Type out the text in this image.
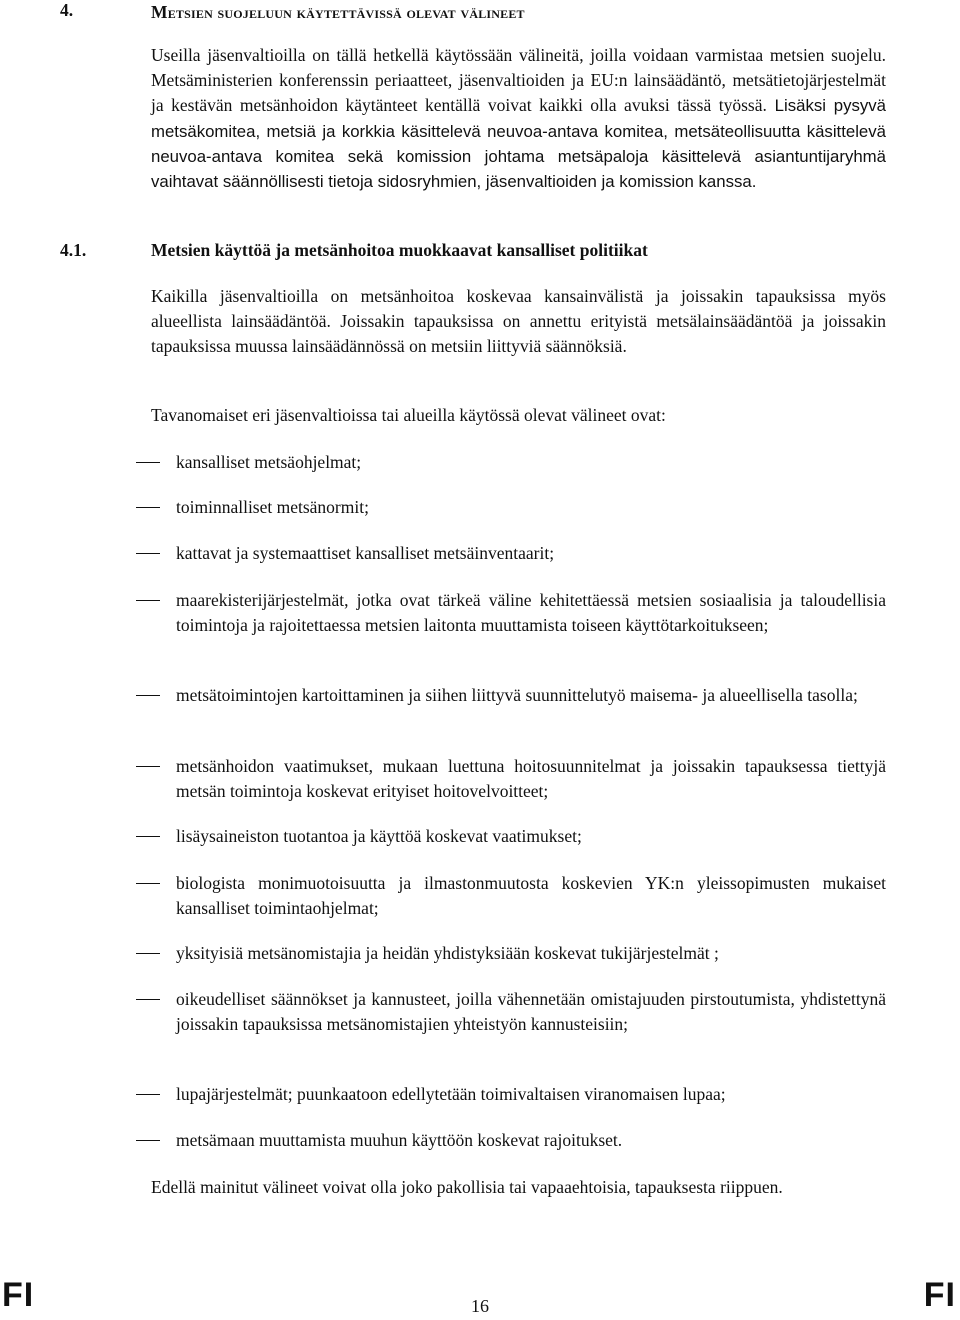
4.	Metsien suojeluun käytettävissä olevat välineet

Useilla jäsenvaltioilla on tällä hetkellä käytössään välineitä, joilla voidaan varmistaa metsien suojelu. Metsäministerien konferenssin periaatteet, jäsenvaltioiden ja EU:n lainsäädäntö, metsätietojärjestelmät ja kestävän metsänhoidon käytänteet kentällä voivat kaikki olla avuksi tässä työssä. Lisäksi pysyvä metsäkomitea, metsiä ja korkkia käsittelevä neuvoa-antava komitea, metsäteollisuutta käsittelevä neuvoa-antava komitea sekä komission johtama metsäpaloja käsittelevä asiantuntijaryhmä vaihtavat säännöllisesti tietoja sidosryhmien, jäsenvaltioiden ja komission kanssa.

4.1.	Metsien käyttöä ja metsänhoitoa muokkaavat kansalliset politiikat

Kaikilla jäsenvaltioilla on metsänhoitoa koskevaa kansainvälistä ja joissakin tapauksissa myös alueellista lainsäädäntöä. Joissakin tapauksissa on annettu erityistä metsälainsäädäntöä ja joissakin tapauksissa muussa lainsäädännössä on metsiin liittyviä säännöksiä.

Tavanomaiset eri jäsenvaltioissa tai alueilla käytössä olevat välineet ovat:

kansalliset metsäohjelmat;
toiminnalliset metsänormit;
kattavat ja systemaattiset kansalliset metsäinventaarit;
maarekisterijärjestelmät, jotka ovat tärkeä väline kehitettäessä metsien sosiaalisia ja taloudellisia toimintoja ja rajoitettaessa metsien laitonta muuttamista toiseen käyttötarkoitukseen;
metsätoimintojen kartoittaminen ja siihen liittyvä suunnittelutyö maisema- ja alueellisella tasolla;
metsänhoidon vaatimukset, mukaan luettuna hoitosuunnitelmat ja joissakin tapauksessa tiettyjä metsän toimintoja koskevat erityiset hoitovelvoitteet;
lisäysaineiston tuotantoa ja käyttöä koskevat vaatimukset;
biologista monimuotoisuutta ja ilmastonmuutosta koskevien YK:n yleissopimusten mukaiset kansalliset toimintaohjelmat;
yksityisiä metsänomistajia ja heidän yhdistyksiään koskevat tukijärjestelmät ;
oikeudelliset säännökset ja kannusteet, joilla vähennetään omistajuuden pirstoutumista, yhdistettynä joissakin tapauksissa metsänomistajien yhteistyön kannusteisiin;
lupajärjestelmät; puunkaatoon edellytetään toimivaltaisen viranomaisen lupaa;
metsämaan muuttamista muuhun käyttöön koskevat rajoitukset.

Edellä mainitut välineet voivat olla joko pakollisia tai vapaaehtoisia, tapauksesta riippuen.

FI	16	FI
